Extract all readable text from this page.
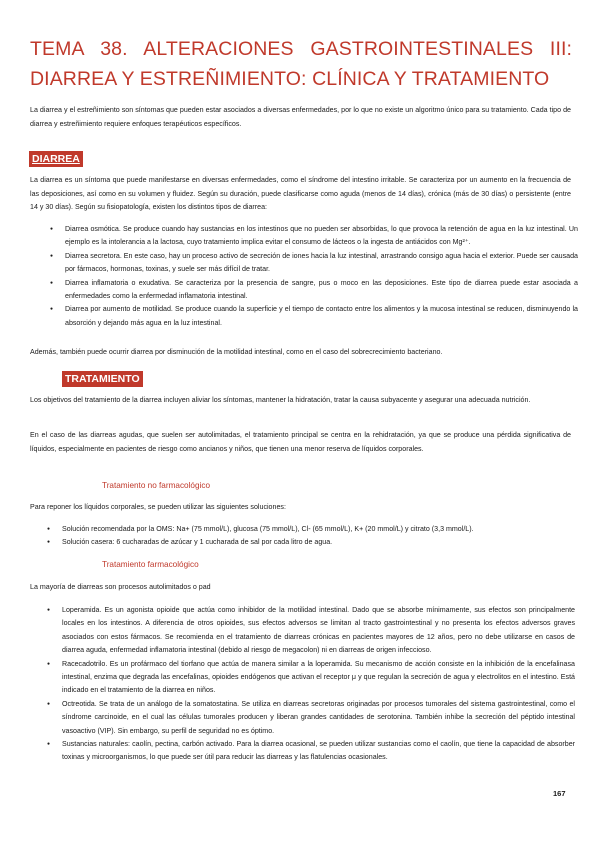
TEMA 38. ALTERACIONES GASTROINTESTINALES III:
DIARREA Y ESTREÑIMIENTO: CLÍNICA Y TRATAMIENTO

La diarrea y el estreñimiento son síntomas que pueden estar asociados a diversas enfermedades, por lo que no existe un algoritmo único para su tratamiento. Cada tipo de diarrea y estreñimiento requiere enfoques terapéuticos específicos.

DIARREA

La diarrea es un síntoma que puede manifestarse en diversas enfermedades, como el síndrome del intestino irritable. Se caracteriza por un aumento en la frecuencia de las deposiciones, así como en su volumen y fluidez. Según su duración, puede clasificarse como aguda (menos de 14 días), crónica (más de 30 días) o persistente (entre 14 y 30 días). Según su fisiopatología, existen los distintos tipos de diarrea:

● Diarrea osmótica. Se produce cuando hay sustancias en los intestinos que no pueden ser absorbidas, lo que provoca la retención de agua en la luz intestinal. Un ejemplo es la intolerancia a la lactosa, cuyo tratamiento implica evitar el consumo de lácteos o la ingesta de antiácidos con Mg²⁺.
● Diarrea secretora. En este caso, hay un proceso activo de secreción de iones hacia la luz intestinal, arrastrando consigo agua hacia el exterior. Puede ser causada por fármacos, hormonas, toxinas, y suele ser más difícil de tratar.
● Diarrea inflamatoria o exudativa. Se caracteriza por la presencia de sangre, pus o moco en las deposiciones. Este tipo de diarrea puede estar asociada a enfermedades como la enfermedad inflamatoria intestinal.
● Diarrea por aumento de motilidad. Se produce cuando la superficie y el tiempo de contacto entre los alimentos y la mucosa intestinal se reducen, disminuyendo la absorción y dejando más agua en la luz intestinal.

Además, también puede ocurrir diarrea por disminución de la motilidad intestinal, como en el caso del sobrecrecimiento bacteriano.

TRATAMIENTO

Los objetivos del tratamiento de la diarrea incluyen aliviar los síntomas, mantener la hidratación, tratar la causa subyacente y asegurar una adecuada nutrición.

En el caso de las diarreas agudas, que suelen ser autolimitadas, el tratamiento principal se centra en la rehidratación, ya que se produce una pérdida significativa de líquidos, especialmente en pacientes de riesgo como ancianos y niños, que tienen una menor reserva de líquidos corporales.

Tratamiento no farmacológico

Para reponer los líquidos corporales, se pueden utilizar las siguientes soluciones:

● Solución recomendada por la OMS: Na+ (75 mmol/L), glucosa (75 mmol/L), Cl- (65 mmol/L), K+ (20 mmol/L) y citrato (3,3 mmol/L).
● Solución casera: 6 cucharadas de azúcar y 1 cucharada de sal por cada litro de agua.
Tratamiento farmacológico

La mayoría de diarreas son procesos autolimitados o pad

● Loperamida. Es un agonista opioide que actúa como inhibidor de la motilidad intestinal. Dado que se absorbe mínimamente, sus efectos son principalmente locales en los intestinos. A diferencia de otros opioides, sus efectos adversos se limitan al tracto gastrointestinal y no presenta los efectos adversos graves asociados con estos fármacos. Se recomienda en el tratamiento de diarreas crónicas en pacientes mayores de 12 años, pero no debe utilizarse en casos de diarrea aguda, enfermedad inflamatoria intestinal (debido al riesgo de megacolon) ni en diarreas de origen infeccioso.
● Racecadotrilo. Es un profármaco del tiorfano que actúa de manera similar a la loperamida. Su mecanismo de acción consiste en la inhibición de la encefalinasa intestinal, enzima que degrada las encefalinas, opioides endógenos que activan el receptor μ y que regulan la secreción de agua y electrolitos en el intestino. Está indicado en el tratamiento de la diarrea en niños.
● Octreotida. Se trata de un análogo de la somatostatina. Se utiliza en diarreas secretoras originadas por procesos tumorales del sistema gastrointestinal, como el síndrome carcinoide, en el cual las células tumorales producen y liberan grandes cantidades de serotonina. También inhibe la secreción del péptido intestinal vasoactivo (VIP). Sin embargo, su perfil de seguridad no es óptimo.
● Sustancias naturales: caolín, pectina, carbón activado. Para la diarrea ocasional, se pueden utilizar sustancias como el caolín, que tiene la capacidad de absorber toxinas y microorganismos, lo que puede ser útil para reducir las diarreas y las flatulencias ocasionales.
167
